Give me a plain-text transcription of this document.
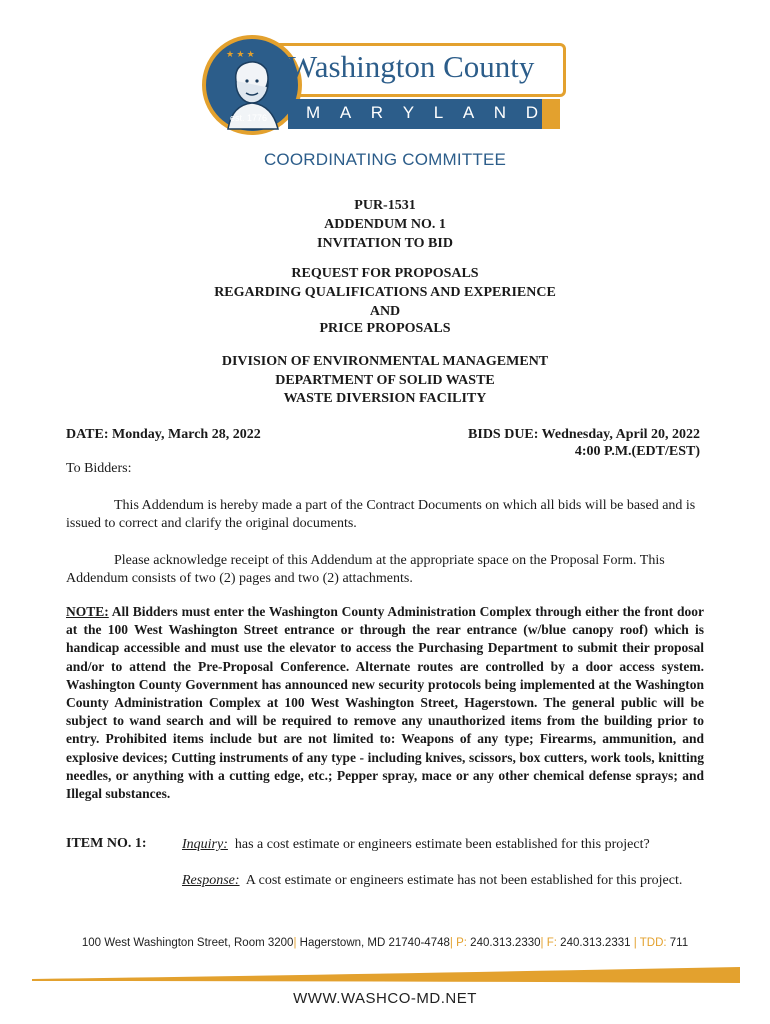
★ ★ ★ Washington County
M A R Y L A N D
est. 1776
COORDINATING COMMITTEE
PUR-1531
ADDENDUM NO. 1
INVITATION TO BID
REQUEST FOR PROPOSALS
REGARDING QUALIFICATIONS AND EXPERIENCE
AND
PRICE PROPOSALS
DIVISION OF ENVIRONMENTAL MANAGEMENT
DEPARTMENT OF SOLID WASTE
WASTE DIVERSION FACILITY
DATE: Monday, March 28, 2022	BIDS DUE: Wednesday, April 20, 2022
4:00 P.M.(EDT/EST)
To Bidders:
This Addendum is hereby made a part of the Contract Documents on which all bids will be based and is issued to correct and clarify the original documents.
Please acknowledge receipt of this Addendum at the appropriate space on the Proposal Form. This Addendum consists of two (2) pages and two (2) attachments.
NOTE: All Bidders must enter the Washington County Administration Complex through either the front door at the 100 West Washington Street entrance or through the rear entrance (w/blue canopy roof) which is handicap accessible and must use the elevator to access the Purchasing Department to submit their proposal and/or to attend the Pre-Proposal Conference. Alternate routes are controlled by a door access system. Washington County Government has announced new security protocols being implemented at the Washington County Administration Complex at 100 West Washington Street, Hagerstown. The general public will be subject to wand search and will be required to remove any unauthorized items from the building prior to entry. Prohibited items include but are not limited to: Weapons of any type; Firearms, ammunition, and explosive devices; Cutting instruments of any type - including knives, scissors, box cutters, work tools, knitting needles, or anything with a cutting edge, etc.; Pepper spray, mace or any other chemical defense sprays; and Illegal substances.
ITEM NO. 1:	Inquiry: has a cost estimate or engineers estimate been established for this project?
Response: A cost estimate or engineers estimate has not been established for this project.
100 West Washington Street, Room 3200| Hagerstown, MD 21740-4748| P: 240.313.2330| F: 240.313.2331 | TDD: 711
WWW.WASHCO-MD.NET
